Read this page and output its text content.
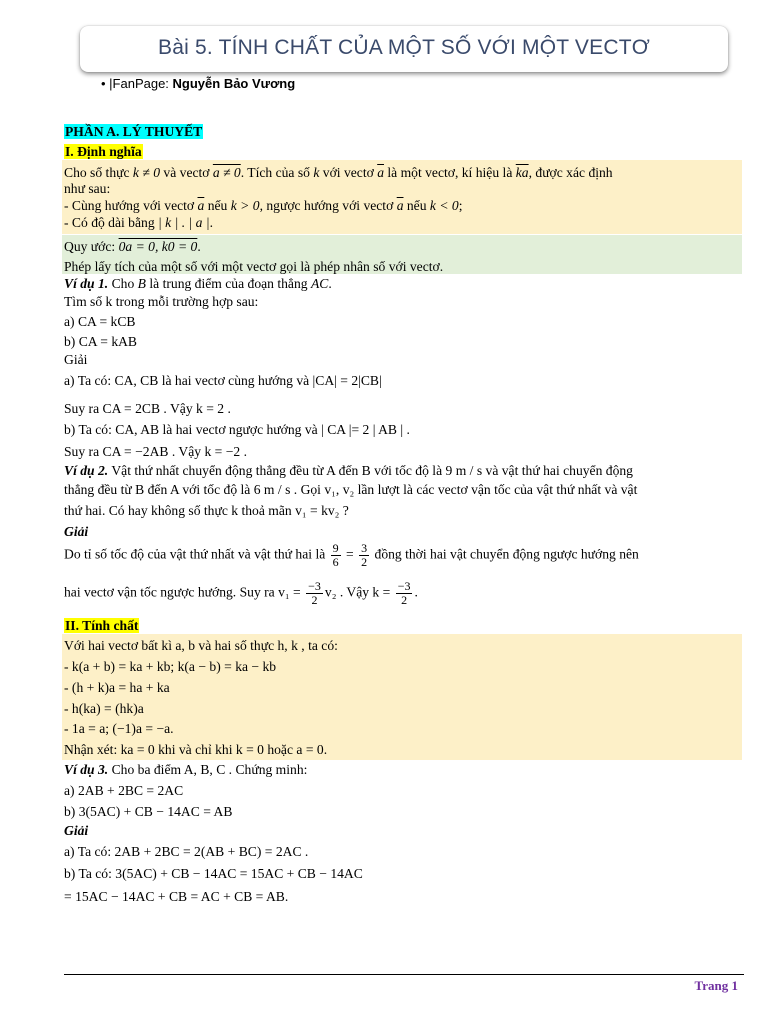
Bài 5. TÍNH CHẤT CỦA MỘT SỐ VỚI MỘT VECTƠ
• |FanPage: Nguyễn Bảo Vương
PHẦN A. LÝ THUYẾT
I. Định nghĩa
Cho số thực k ≠ 0 và vectơ a ≠ 0. Tích của số k với vectơ $\overline{a}$ là một vectơ, kí hiệu là $\overline{ka}$, được xác định
như sau:
- Cùng hướng với vectơ $\overline{a}$ nếu k > 0, ngược hướng với vectơ $\overline{a}$ nếu k < 0;
- Có độ dài bằng | k | . | a |.
Quy ước: 0a = 0, k0 = 0.
Phép lấy tích của một số với một vectơ gọi là phép nhân số với vectơ.
Ví dụ 1. Cho B là trung điểm của đoạn thẳng AC.
Tìm số k trong mỗi trường hợp sau:
a) CA = kCB
b) CA = kAB
Giải
a) Ta có: CA, CB là hai vectơ cùng hướng và |CA| = 2|CB|
Suy ra CA = 2CB . Vậy k = 2 .
b) Ta có: CA, AB là hai vectơ ngược hướng và | CA |= 2 | AB | .
Suy ra CA = −2AB . Vậy k = −2 .
Ví dụ 2. Vật thứ nhất chuyển động thẳng đều từ A đến B với tốc độ là 9 m / s và vật thứ hai chuyển động
thẳng đều từ B đến A với tốc độ là 6 m / s . Gọi v₁, v₂ lần lượt là các vectơ vận tốc của vật thứ nhất và vật
thứ hai. Có hay không số thực k thoả mãn v₁ = kv₂ ?
Giải
Do tỉ số tốc độ của vật thứ nhất và vật thứ hai là $\frac{9}{6} = \frac{3}{2}$ đồng thời hai vật chuyển động ngược hướng nên
hai vectơ vận tốc ngược hướng. Suy ra $v_1 = \frac{-3}{2} v_2$ . Vậy $k = \frac{-3}{2}$ .
II. Tính chất
Với hai vectơ bất kì a, b và hai số thực h, k , ta có:
- k(a + b) = ka + kb; k(a − b) = ka − kb
- (h + k)a = ha + ka
- h(ka) = (hk)a
- 1a = a; (−1)a = −a.
Nhận xét: ka = 0 khi và chỉ khi k = 0 hoặc a = 0.
Ví dụ 3. Cho ba điểm A, B, C . Chứng minh:
a) 2AB + 2BC = 2AC
b) 3(5AC) + CB − 14AC = AB
Giải
a) Ta có: 2AB + 2BC = 2(AB + BC) = 2AC .
b) Ta có: 3(5AC) + CB − 14AC = 15AC + CB − 14AC
= 15AC − 14AC + CB = AC + CB = AB.
Trang 1
